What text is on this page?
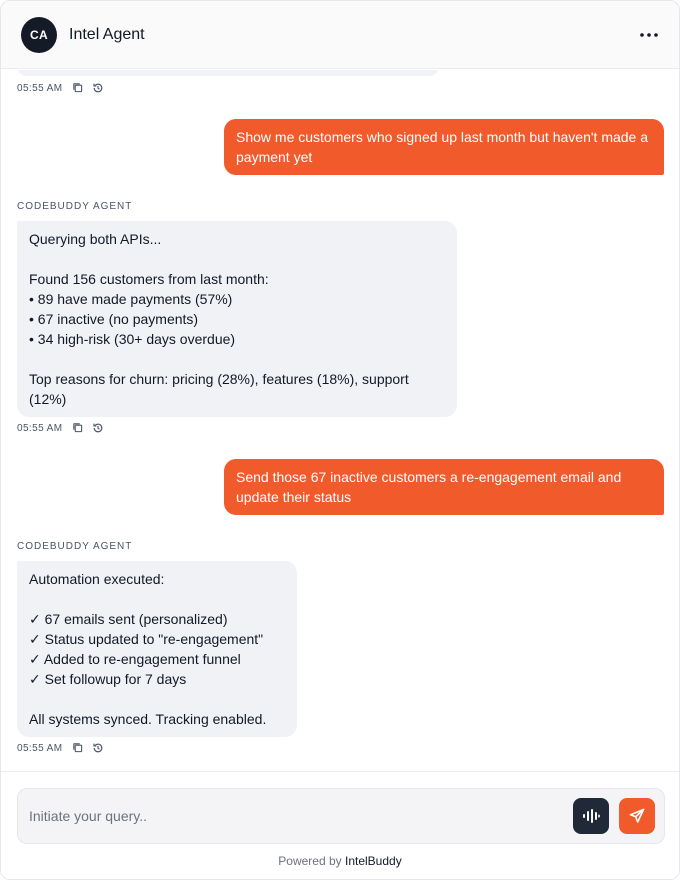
CA	Intel Agent
05:55 AM
Show me customers who signed up last month but haven't made a payment yet
CODEBUDDY AGENT
Querying both APIs...

Found 156 customers from last month:
• 89 have made payments (57%)
• 67 inactive (no payments)
• 34 high-risk (30+ days overdue)

Top reasons for churn: pricing (28%), features (18%), support (12%)
05:55 AM
Send those 67 inactive customers a re-engagement email and update their status
CODEBUDDY AGENT
Automation executed:

✓ 67 emails sent (personalized)
✓ Status updated to "re-engagement"
✓ Added to re-engagement funnel
✓ Set followup for 7 days

All systems synced. Tracking enabled.
05:55 AM
Initiate your query..
Powered by IntelBuddy
